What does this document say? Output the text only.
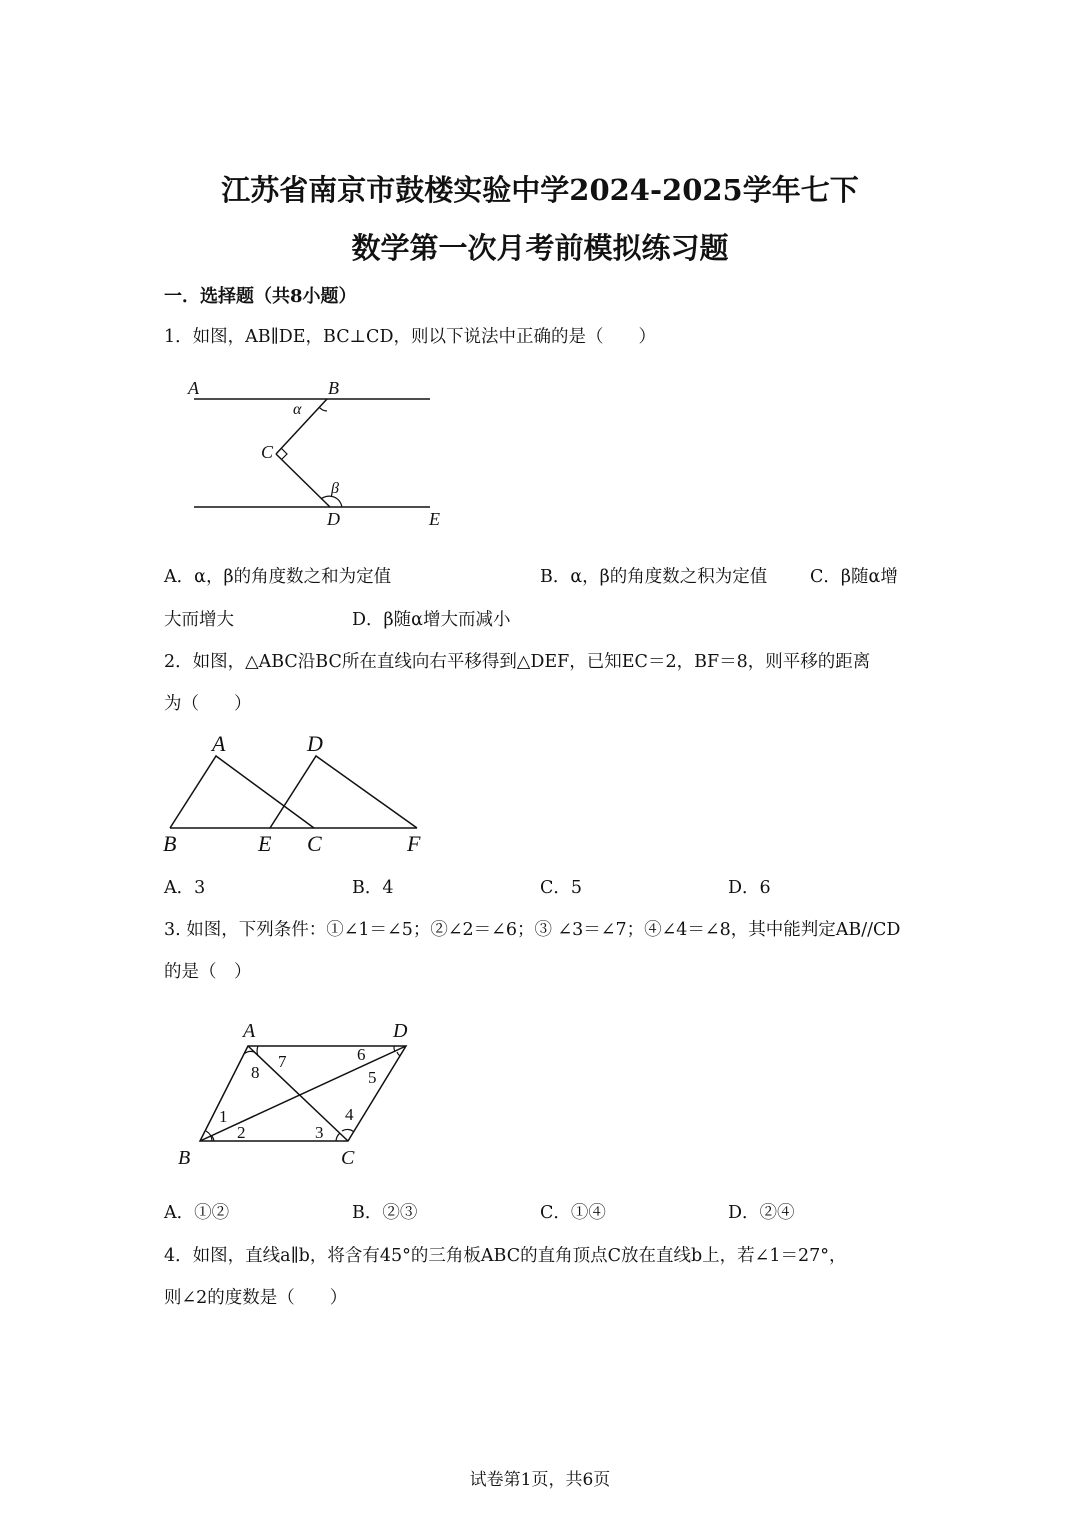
江苏省南京市鼓楼实验中学2024-2025学年七下
数学第一次月考前模拟练习题
一．选择题（共8小题）
1．如图，AB∥DE，BC⊥CD，则以下说法中正确的是（　　）
A	B
α
C
β
D	E
A．α，β的角度数之和为定值	B．α，β的角度数之积为定值 C．β随α增
大而增大	D．β随α增大而减小
2．如图，△ABC沿BC所在直线向右平移得到△DEF，已知EC＝2，BF＝8，则平移的距离
为（　　）
A	D
B	E C	F
A．3	B．4	C．5	D．6
3. 如图，下列条件：①∠1＝∠5；②∠2＝∠6；③ ∠3＝∠7；④∠4＝∠8，其中能判定AB//CD
的是（　）
A	D
7	6
8	5
1	4
2	3
B	C
A．①②	B．②③	C．①④	D．②④
4．如图，直线a∥b，将含有45°的三角板ABC的直角顶点C放在直线b上，若∠1＝27°，
则∠2的度数是（　　）
试卷第1页，共6页
